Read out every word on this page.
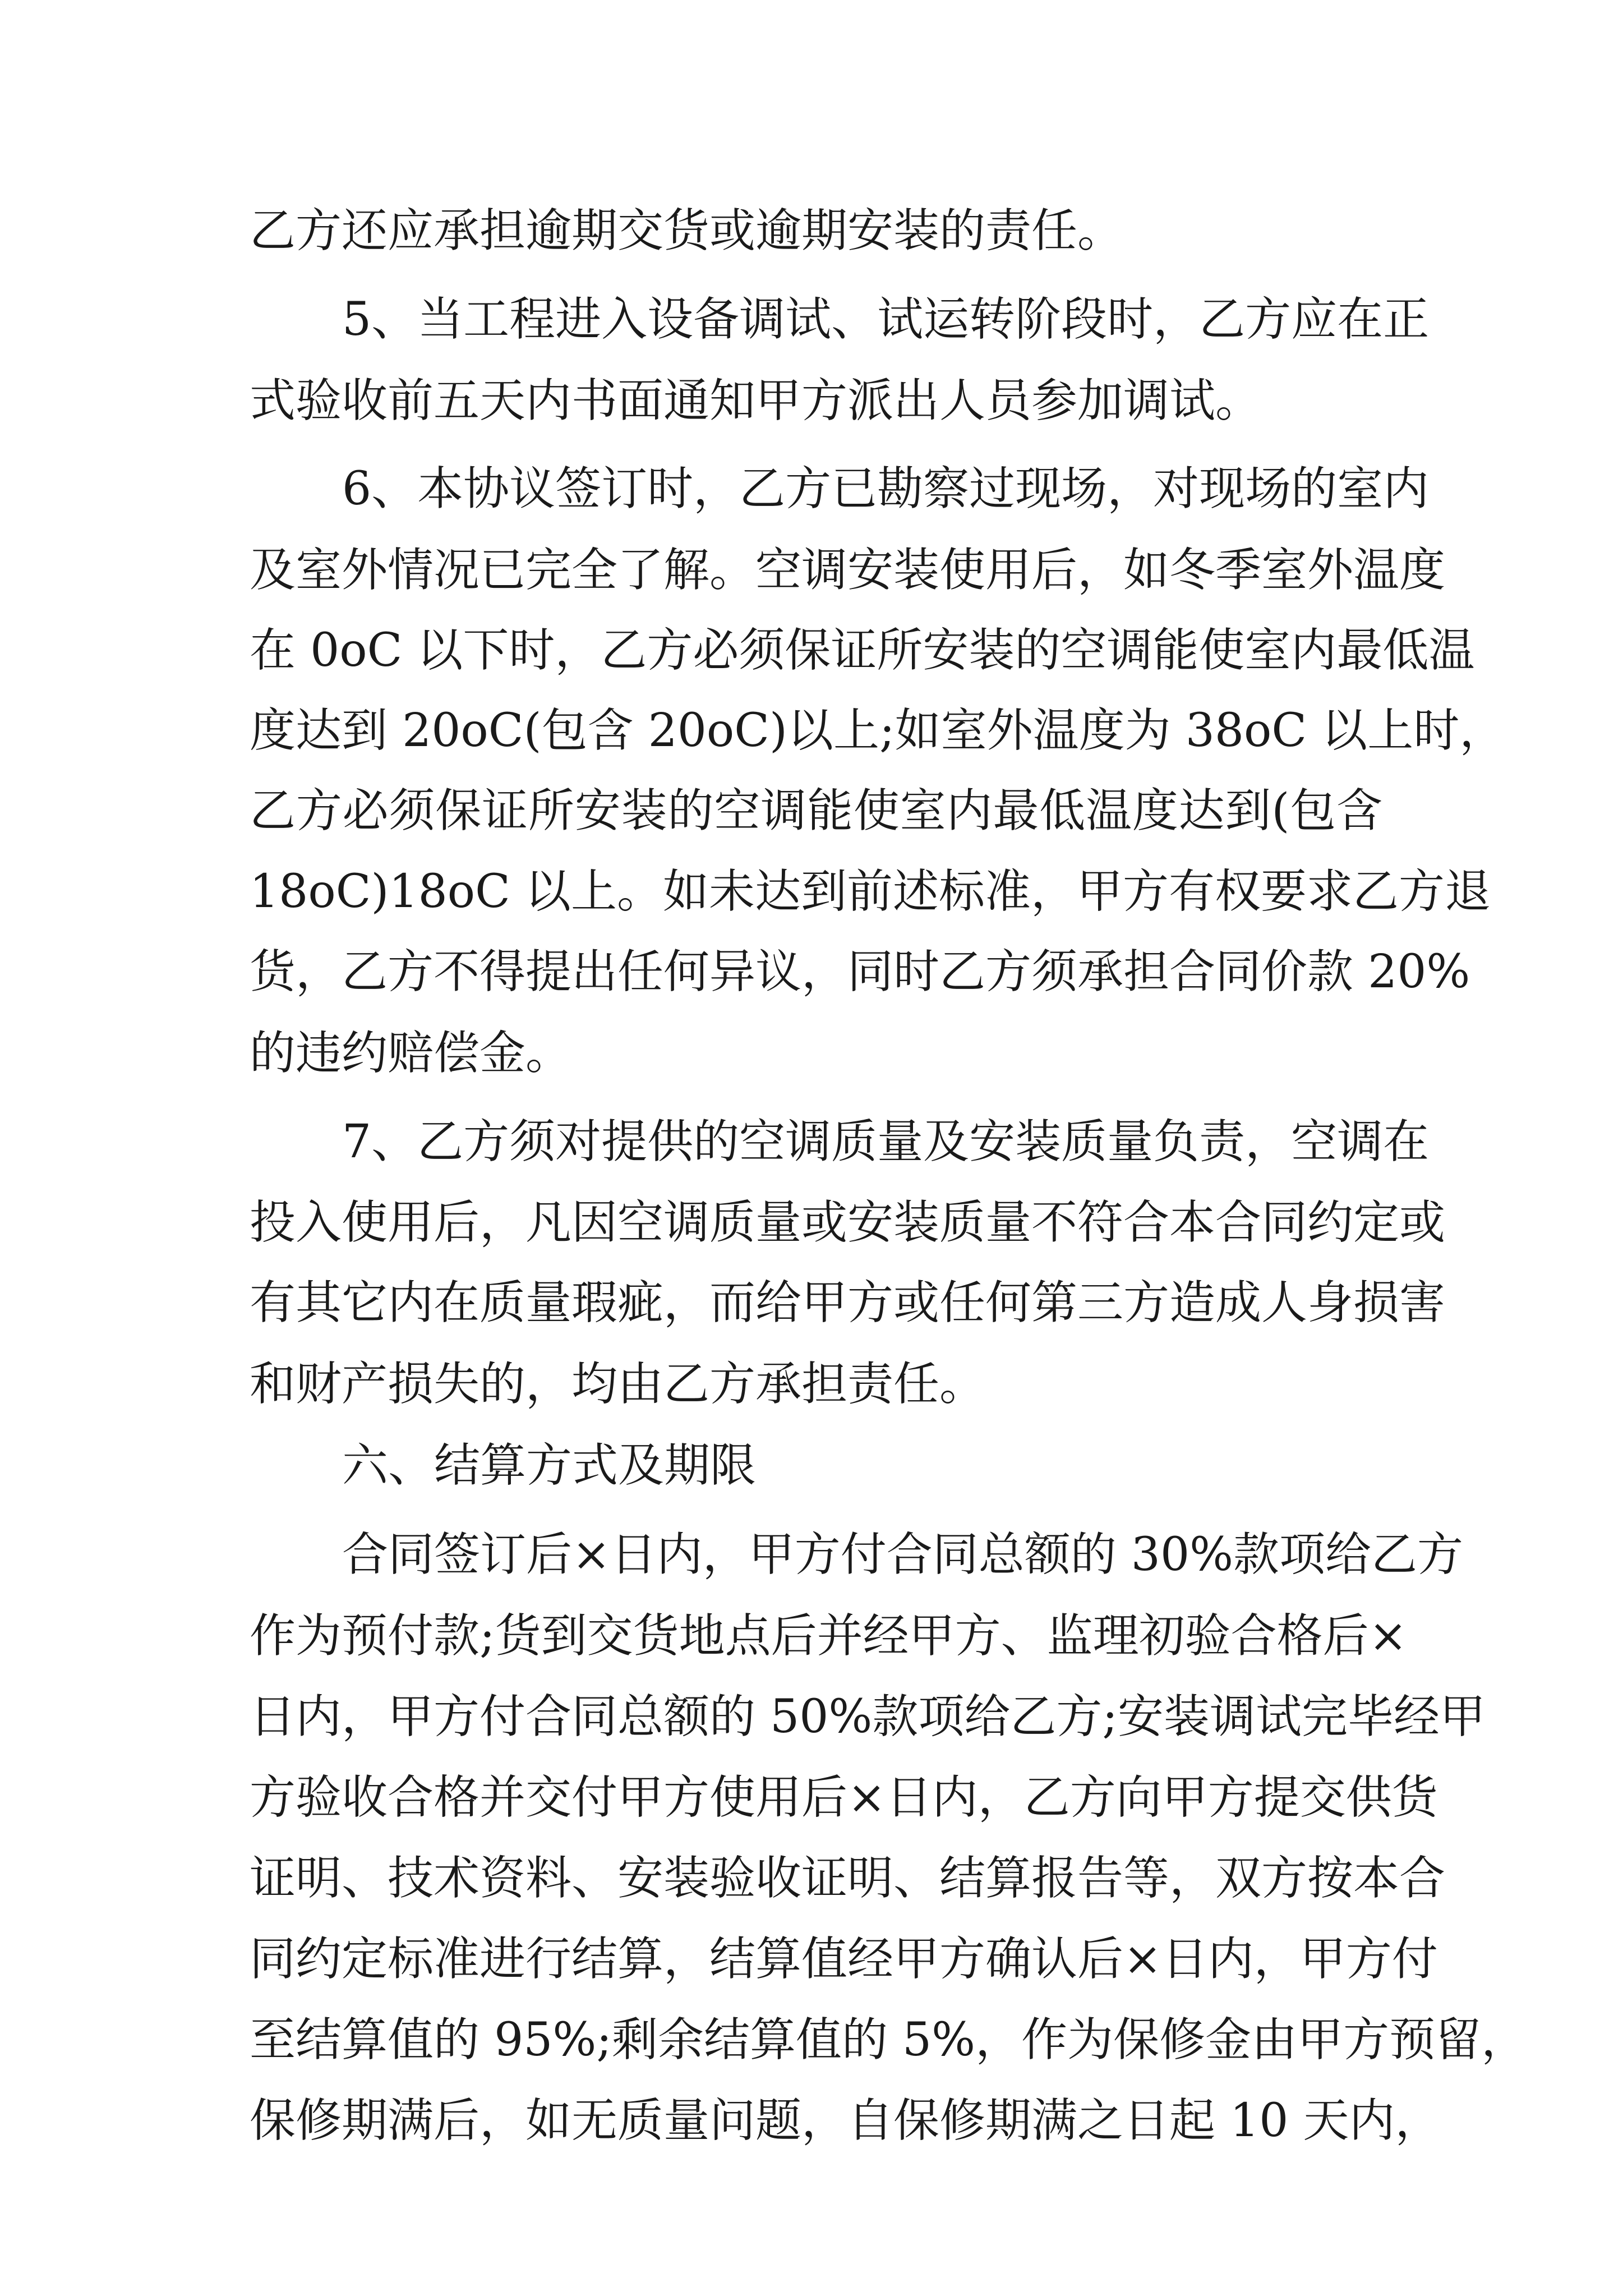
乙方还应承担逾期交货或逾期安装的责任。
5、当工程进入设备调试、试运转阶段时，乙方应在正
式验收前五天内书面通知甲方派出人员参加调试。
6、本协议签订时，乙方已勘察过现场，对现场的室内
及室外情况已完全了解。空调安装使用后，如冬季室外温度
在 0oC 以下时，乙方必须保证所安装的空调能使室内最低温
度达到 20oC(包含 20oC)以上;如室外温度为 38oC 以上时，
乙方必须保证所安装的空调能使室内最低温度达到(包含
18oC)18oC 以上。如未达到前述标准，甲方有权要求乙方退
货，乙方不得提出任何异议，同时乙方须承担合同价款 20%
的违约赔偿金。
7、乙方须对提供的空调质量及安装质量负责，空调在
投入使用后，凡因空调质量或安装质量不符合本合同约定或
有其它内在质量瑕疵，而给甲方或任何第三方造成人身损害
和财产损失的，均由乙方承担责任。
六、结算方式及期限
合同签订后×日内，甲方付合同总额的 30%款项给乙方
作为预付款;货到交货地点后并经甲方、监理初验合格后×
日内，甲方付合同总额的 50%款项给乙方;安装调试完毕经甲
方验收合格并交付甲方使用后×日内，乙方向甲方提交供货
证明、技术资料、安装验收证明、结算报告等，双方按本合
同约定标准进行结算，结算值经甲方确认后×日内，甲方付
至结算值的 95%;剩余结算值的 5%，作为保修金由甲方预留，
保修期满后，如无质量问题，自保修期满之日起 10 天内，
